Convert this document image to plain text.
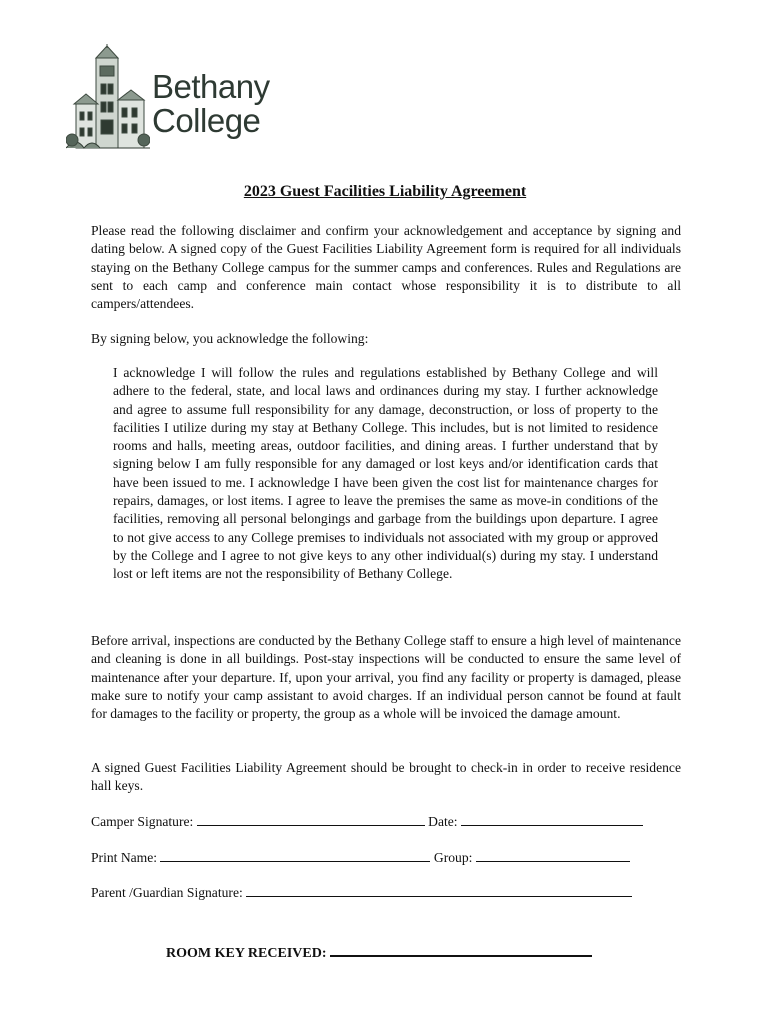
Bethany
College
2023 Guest Facilities Liability Agreement
Please read the following disclaimer and confirm your acknowledgement and acceptance by signing and dating below. A signed copy of the Guest Facilities Liability Agreement form is required for all individuals staying on the Bethany College campus for the summer camps and conferences. Rules and Regulations are sent to each camp and conference main contact whose responsibility it is to distribute to all campers/attendees.
By signing below, you acknowledge the following:
I acknowledge I will follow the rules and regulations established by Bethany College and will adhere to the federal, state, and local laws and ordinances during my stay. I further acknowledge and agree to assume full responsibility for any damage, deconstruction, or loss of property to the facilities I utilize during my stay at Bethany College. This includes, but is not limited to residence rooms and halls, meeting areas, outdoor facilities, and dining areas. I further understand that by signing below I am fully responsible for any damaged or lost keys and/or identification cards that have been issued to me. I acknowledge I have been given the cost list for maintenance charges for repairs, damages, or lost items. I agree to leave the premises the same as move-in conditions of the facilities, removing all personal belongings and garbage from the buildings upon departure. I agree to not give access to any College premises to individuals not associated with my group or approved by the College and I agree to not give keys to any other individual(s) during my stay. I understand lost or left items are not the responsibility of Bethany College.
Before arrival, inspections are conducted by the Bethany College staff to ensure a high level of maintenance and cleaning is done in all buildings. Post-stay inspections will be conducted to ensure the same level of maintenance after your departure. If, upon your arrival, you find any facility or property is damaged, please make sure to notify your camp assistant to avoid charges. If an individual person cannot be found at fault for damages to the facility or property, the group as a whole will be invoiced the damage amount.
A signed Guest Facilities Liability Agreement should be brought to check-in in order to receive residence hall keys.
Camper Signature:	Date:
Print Name:	Group:
Parent /Guardian Signature:
ROOM KEY RECEIVED:
